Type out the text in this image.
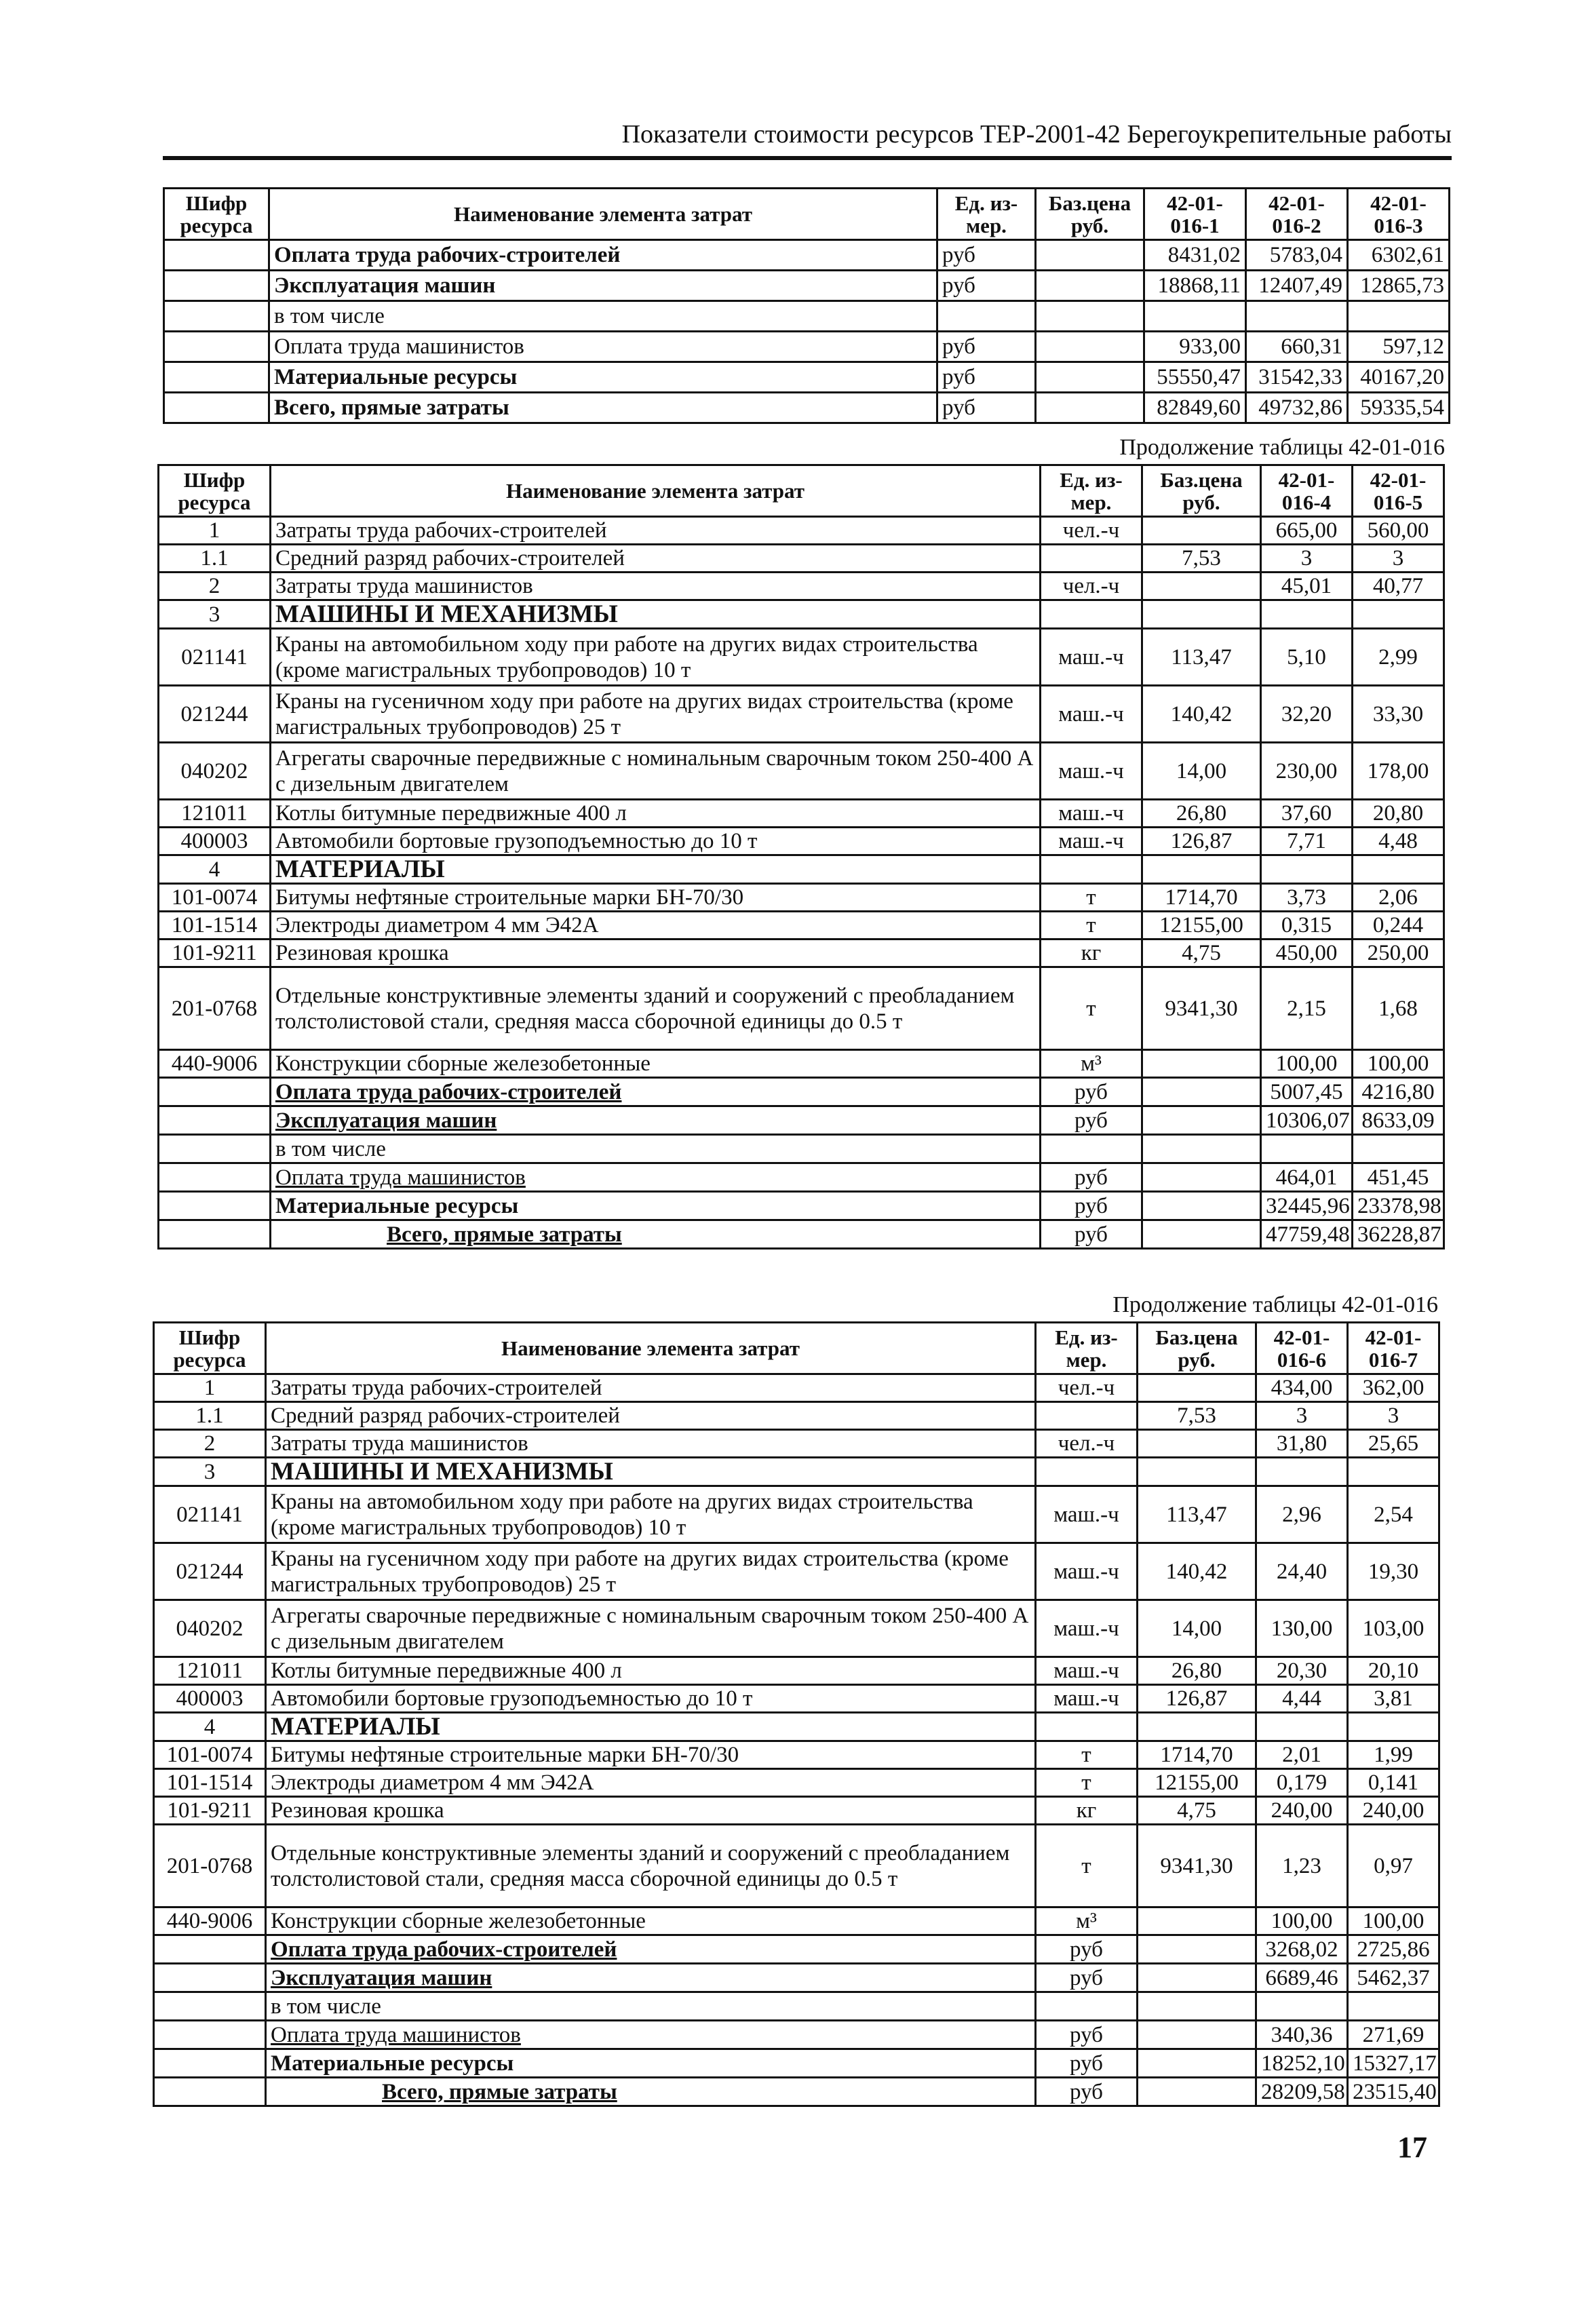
Показатели стоимости ресурсов ТЕР-2001-42 Берегоукрепительные работы
Шифр ресурса	Наименование элемента затрат	Ед. из-мер.	Баз.цена руб.	42-01-016-1	42-01-016-2	42-01-016-3
	Оплата труда рабочих-строителей	руб		8431,02	5783,04	6302,61
	Эксплуатация машин	руб		18868,11	12407,49	12865,73
	в том числе					
	Оплата труда машинистов	руб		933,00	660,31	597,12
	Материальные ресурсы	руб		55550,47	31542,33	40167,20
	Всего, прямые затраты	руб		82849,60	49732,86	59335,54
Продолжение таблицы 42-01-016
Шифр ресурса	Наименование элемента затрат	Ед. из-мер.	Баз.цена руб.	42-01-016-4	42-01-016-5
1	Затраты труда рабочих-строителей	чел.-ч		665,00	560,00
1.1	Средний разряд рабочих-строителей		7,53	3	3
2	Затраты труда машинистов	чел.-ч		45,01	40,77
3	МАШИНЫ И МЕХАНИЗМЫ				
021141	Краны на автомобильном ходу при работе на других видах строительства (кроме магистральных трубопроводов) 10 т	маш.-ч	113,47	5,10	2,99
021244	Краны на гусеничном ходу при работе на других видах строительства (кроме магистральных трубопроводов) 25 т	маш.-ч	140,42	32,20	33,30
040202	Агрегаты сварочные передвижные с номинальным сварочным током 250-400 А с дизельным двигателем	маш.-ч	14,00	230,00	178,00
121011	Котлы битумные передвижные 400 л	маш.-ч	26,80	37,60	20,80
400003	Автомобили бортовые грузоподъемностью до 10 т	маш.-ч	126,87	7,71	4,48
4	МАТЕРИАЛЫ				
101-0074	Битумы нефтяные строительные марки БН-70/30	т	1714,70	3,73	2,06
101-1514	Электроды диаметром 4 мм Э42А	т	12155,00	0,315	0,244
101-9211	Резиновая крошка	кг	4,75	450,00	250,00
201-0768	Отдельные конструктивные элементы зданий и сооружений с преобладанием толстолистовой стали, средняя масса сборочной единицы до 0.5 т	т	9341,30	2,15	1,68
440-9006	Конструкции сборные железобетонные	м³		100,00	100,00
	Оплата труда рабочих-строителей	руб		5007,45	4216,80
	Эксплуатация машин	руб		10306,07	8633,09
	в том числе				
	Оплата труда машинистов	руб		464,01	451,45
	Материальные ресурсы	руб		32445,96	23378,98
	Всего, прямые затраты	руб		47759,48	36228,87
Продолжение таблицы 42-01-016
Шифр ресурса	Наименование элемента затрат	Ед. из-мер.	Баз.цена руб.	42-01-016-6	42-01-016-7
1	Затраты труда рабочих-строителей	чел.-ч		434,00	362,00
1.1	Средний разряд рабочих-строителей		7,53	3	3
2	Затраты труда машинистов	чел.-ч		31,80	25,65
3	МАШИНЫ И МЕХАНИЗМЫ				
021141	Краны на автомобильном ходу при работе на других видах строительства (кроме магистральных трубопроводов) 10 т	маш.-ч	113,47	2,96	2,54
021244	Краны на гусеничном ходу при работе на других видах строительства (кроме магистральных трубопроводов) 25 т	маш.-ч	140,42	24,40	19,30
040202	Агрегаты сварочные передвижные с номинальным сварочным током 250-400 А с дизельным двигателем	маш.-ч	14,00	130,00	103,00
121011	Котлы битумные передвижные 400 л	маш.-ч	26,80	20,30	20,10
400003	Автомобили бортовые грузоподъемностью до 10 т	маш.-ч	126,87	4,44	3,81
4	МАТЕРИАЛЫ				
101-0074	Битумы нефтяные строительные марки БН-70/30	т	1714,70	2,01	1,99
101-1514	Электроды диаметром 4 мм Э42А	т	12155,00	0,179	0,141
101-9211	Резиновая крошка	кг	4,75	240,00	240,00
201-0768	Отдельные конструктивные элементы зданий и сооружений с преобладанием толстолистовой стали, средняя масса сборочной единицы до 0.5 т	т	9341,30	1,23	0,97
440-9006	Конструкции сборные железобетонные	м³		100,00	100,00
	Оплата труда рабочих-строителей	руб		3268,02	2725,86
	Эксплуатация машин	руб		6689,46	5462,37
	в том числе				
	Оплата труда машинистов	руб		340,36	271,69
	Материальные ресурсы	руб		18252,10	15327,17
	Всего, прямые затраты	руб		28209,58	23515,40
17
